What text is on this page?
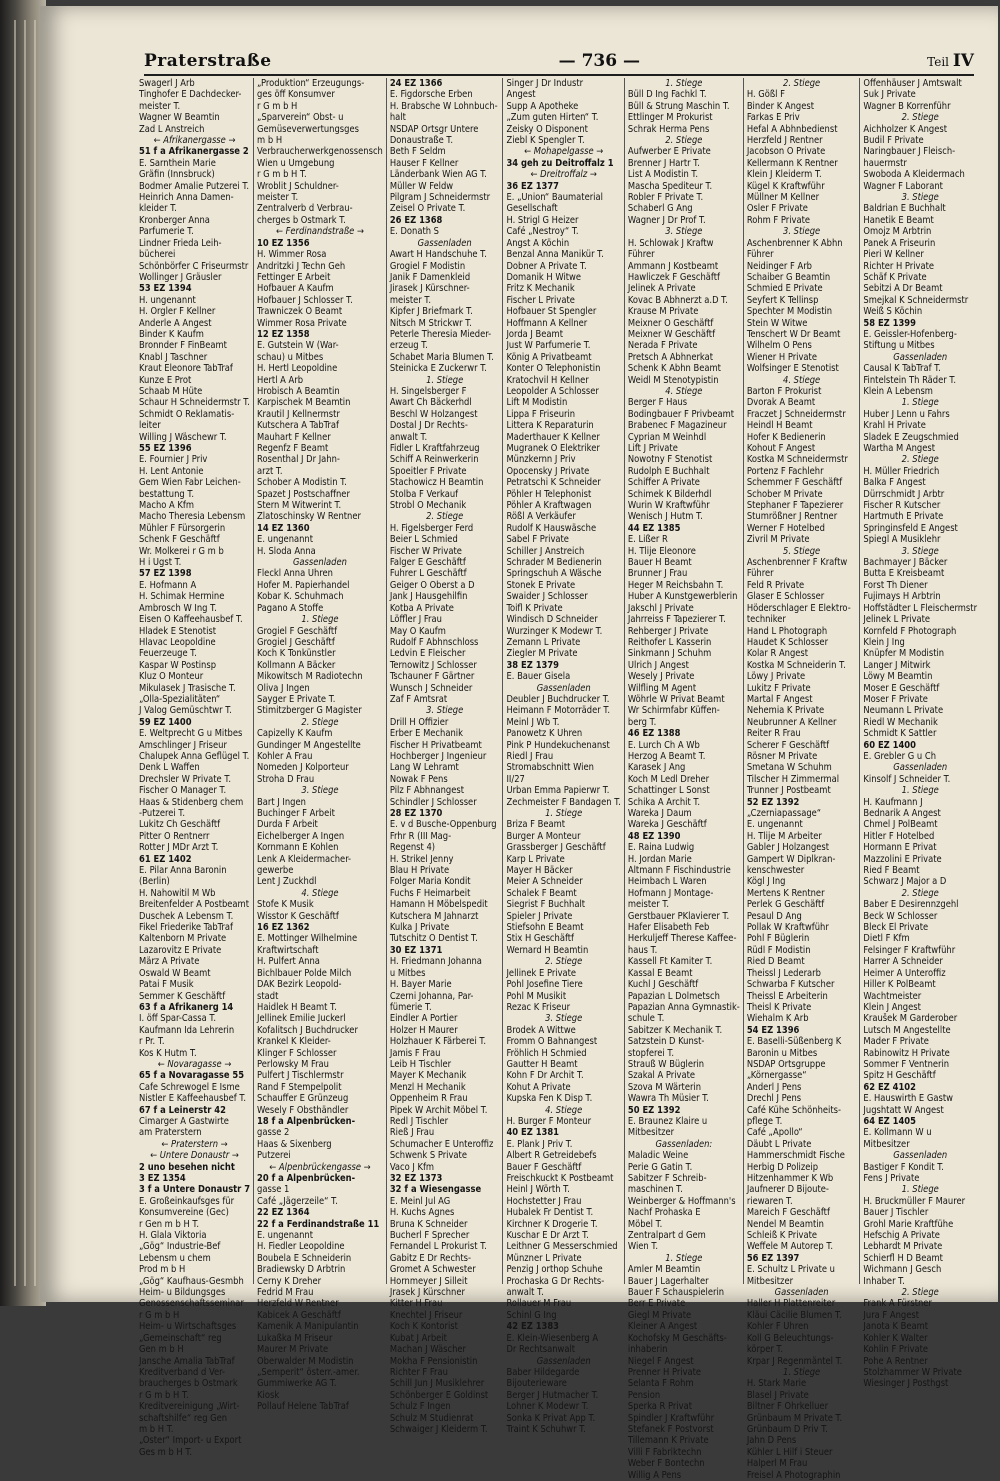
Praterstraße	— 736 —	Teil IV
Swagerl J Arb
Tinghofer E Dachdecker-
meister T.
Wagner W Beamtin
Zad L Anstreich
← Afrikanergasse →
51 f a Afrikanergasse 2
E. Sarnthein Marie
Gräfin (Innsbruck)
Bodmer Amalie Putzerei T.
Heinrich Anna Damen-
kleider T.
Kronberger Anna
Parfumerie T.
Lindner Frieda Leih-
bücherei
Schönbörfer C Friseurmstr
Wollinger J Gräusler
53 EZ 1394
H. ungenannt
H. Orgler F Kellner
Anderle A Angest
Binder K Kaufm
Bronnder F FinBeamt
Knabl J Taschner
Kraut Eleonore TabTraf
Kunze E Prot
Schaab M Hüte
Schaur H Schneidermstr T.
Schmidt O Reklamatis-
leiter
Willing J Wäschewr T.
55 EZ 1396
E. Fournier J Priv
H. Lent Antonie
Gem Wien Fabr Leichen-
bestattung T.
Macho A Kfm
Macho Theresia Lebensm
Mühler F Fürsorgerin
Schenk F Geschäftf
Wr. Molkerei r G m b
H i Ugst T.
57 EZ 1398
E. Hofmann A
H. Schimak Hermine
Ambrosch W Ing T.
Eisen O Kaffeehausbef T.
Hladek E Stenotist
Hlavac Leopoldine
Feuerzeuge T.
Kaspar W Postinsp
Kluz O Monteur
Mikulasek J Trasische T.
„Olla-Spezialitäten“
J Valog Gemüschtwr T.
59 EZ 1400
E. Weltprecht G u Mitbes
Amschlinger J Friseur
Chalupek Anna Geflügel T.
Denk L Waffen
Drechsler W Private T.
Fischer O Manager T.
Haas & Stidenberg chem
-Putzerei T.
Lukitz Ch Geschäftf
Pitter O Rentnerr
Rotter J MDr Arzt T.
61 EZ 1402
E. Pilar Anna Baronin
(Berlin)
H. Nahowitil M Wb
Breitenfelder A Postbeamt
Duschek A Lebensm T.
Fikel Friederike TabTraf
Kaltenborn M Private
Lazarovitz E Private
März A Private
Oswald W Beamt
Patai F Musik
Semmer K Geschäftf
63 f a Afrikanerg 14
I. öff Spar-Cassa T.
Kaufmann Ida Lehrerin
r Pr. T.
Kos K Hutm T.
← Novaragasse →
65 f a Novaragasse 55
Cafe Schrewogel E Isme
Nistler E Kaffeehausbef T.
67 f a Leinerstr 42
Cimarger A Gastwirte
am Praterstern
← Praterstern →
← Untere Donaustr →
2 uno besehen nicht
3 EZ 1354
3 f a Untere Donaustr 7
E. Großeinkaufsges für
Konsumvereine (Gec)
r Gen m b H T.
H. Glala Viktoria
„Gög“ Industrie-Bef
Lebensm u chem
Prod m b H
„Gög“ Kaufhaus-Gesmbh
Heim- u Bildungsges
Genossenschaftsseminar
r G m b H
Heim- u Wirtschaftsges
„Gemeinschaft“ reg
Gen m b H
Jansche Amalia TabTraf
Kreditverband d Ver-
braucherges b Ostmark
r G m b H T.
Kreditvereinigung „Wirt-
schaftshilfe“ reg Gen
m b H T.
„Oster“ Import- u Export
Ges m b H T.
„Produktion“ Erzeugungs-
ges öff Konsumver
r G m b H
„Sparverein“ Obst- u
Gemüseverwertungsges
m b H
Verbraucherwerkgenossensch
Wien u Umgebung
r G m b H T.
Wroblit J Schuldner-
meister T.
Zentralverb d Verbrau-
cherges b Ostmark T.
← Ferdinandstraße →
10 EZ 1356
H. Wimmer Rosa
Andritzki J Techn Geh
Fettinger E Arbeit
Hofbauer A Kaufm
Hofbauer J Schlosser T.
Trawniczek O Beamt
Wimmer Rosa Private
12 EZ 1358
E. Gutstein W (War-
schau) u Mitbes
H. Hertl Leopoldine
Hertl A Arb
Hrobisch A Beamtin
Karpischek M Beamtin
Krautil J Kellnermstr
Kutschera A TabTraf
Mauhart F Kellner
Regenfz F Beamt
Rosenthal J Dr Jahn-
arzt T.
Schober A Modistin T.
Spazet J Postschaffner
Stern M Witwerint T.
Zlatoschinsky W Rentner
14 EZ 1360
E. ungenannt
H. Sloda Anna
Gassenladen
Fleckl Anna Uhren
Hofer M. Papierhandel
Kobar K. Schuhmach
Pagano A Stoffe
1. Stiege
Grogiel F Geschäftf
Grogiel J Geschäftf
Koch K Tonkünstler
Kollmann A Bäcker
Mikowitsch M Radiotechn
Oliva J Ingen
Sayger E Private T.
Stimitzberger G Magister
2. Stiege
Capizelly K Kaufm
Gundinger M Angestellte
Kohler A Frau
Nomeden J Kolporteur
Stroha D Frau
3. Stiege
Bart J Ingen
Buchinger F Arbeit
Durda F Arbeit
Eichelberger A Ingen
Kornmann E Kohlen
Lenk A Kleidermacher-
gewerbe
Lent J Zuckhdl
4. Stiege
Stofe K Musik
Wisstor K Geschäftf
16 EZ 1362
E. Mottinger Wilhelmine
Kraftwirtschaft
H. Pulfert Anna
Bichlbauer Polde Milch
DAK Bezirk Leopold-
stadt
Haidlek H Beamt T.
Jellinek Emilie Juckerl
Kofalitsch J Buchdrucker
Krankel K Kleider-
Klinger F Schlosser
Perlowsky M Frau
Pulfert J Tischlermstr
Rand F Stempelpolit
Schauffer E Grünzeug
Wesely F Obsthändler
18 f a Alpenbrücken-
gasse 2
Haas & Sixenberg
Putzerei
← Alpenbrückengasse →
20 f a Alpenbrücken-
gasse 1
Café „Jägerzeile“ T.
22 EZ 1364
22 f a Ferdinandstraße 11
E. ungenannt
H. Fiedler Leopoldine
Boubela E Schneiderin
Bradiewsky D Arbtrin
Cerny K Dreher
Fedrid M Frau
Herzfeld W Rentner
Kabicek A Geschäftf
Kamenik A Manipulantin
Lukaßka M Friseur
Maurer M Private
Oberwalder M Modistin
„Semperit“ österr.-amer.
Gummiwerke AG T.
Kiosk
Pollauf Helene TabTraf
24 EZ 1366
E. Figdorsche Erben
H. Brabsche W Lohnbuch-
halt
NSDAP Ortsgr Untere
Donaustraße T.
Beth F Seldm
Hauser F Kellner
Länderbank Wien AG T.
Müller W Feldw
Pilgram J Schneidermstr
Zeisel O Private T.
26 EZ 1368
E. Donath S
Gassenladen
Awart H Handschuhe T.
Grogiel F Modistin
Janik F Damenkleid
Jirasek J Kürschner-
meister T.
Kipfer J Briefmark T.
Nitsch M Strickwr T.
Peterle Theresia Mieder-
erzeug T.
Schabet Maria Blumen T.
Steinicka E Zuckerwr T.
1. Stiege
H. Singelsberger F
Awart Ch Bäckerhdl
Beschl W Holzangest
Dostal J Dr Rechts-
anwalt T.
Fidler L Kraftfahrzeug
Schiff A Reinwerkerin
Spoeitler F Private
Stachowicz H Beamtin
Stolba F Verkauf
Strobl O Mechanik
2. Stiege
H. Figelsberger Ferd
Beier L Schmied
Fischer W Private
Falger E Geschäftf
Fuhrer L Geschäftf
Geiger O Oberst a D
Jank J Hausgehilfin
Kotba A Private
Löffler J Frau
May O Kaufm
Rudolf F Abhnschloss
Ledvin E Fleischer
Ternowitz J Schlosser
Tschauner F Gärtner
Wunsch J Schneider
Zaf F Amtsrat
3. Stiege
Drill H Offizier
Erber E Mechanik
Fischer H Privatbeamt
Hochberger J Ingenieur
Lang W Lehramt
Nowak F Pens
Pilz F Abhnangest
Schindler J Schlosser
28 EZ 1370
E. v d Busche-Oppenburg
Frhr R (III Mag-
Regenst 4)
H. Strikel Jenny
Blau H Private
Folger Maria Kondit
Fuchs F Heimarbeit
Hamann H Möbelspedit
Kutschera M Jahnarzt
Kulka J Private
Tutschitz O Dentist T.
30 EZ 1371
H. Friedmann Johanna
u Mitbes
H. Bayer Marie
Czerni Johanna, Par-
fümerie T.
Eindler A Portier
Holzer H Maurer
Holzhauer K Färberei T.
Jamis F Frau
Leib H Tischler
Mayer K Mechanik
Menzl H Mechanik
Oppenheim R Frau
Pipek W Archit Möbel T.
Redl J Tischler
Rieß J Frau
Schumacher E Unteroffiz
Schwenk S Private
Vaco J Kfm
32 EZ 1373
32 f a Wiesengasse
E. Meinl Jul AG
H. Kuchs Agnes
Bruna K Schneider
Bucherl F Sprecher
Fernandel L Prokurist T.
Gabitz E Dr Rechts-
Gromet A Schwester
Hornmeyer J Silleit
Jrasek J Kürschner
Kitter H Frau
Knechtel J Friseur
Koch K Kontorist
Kubat J Arbeit
Machan J Wäscher
Mokha F Pensionistin
Richter F Frau
Schill Jun J Musiklehrer
Schönberger E Goldinst
Schulz F Ingen
Schulz M Studienrat
Schwaiger J Kleiderm T.
Singer J Dr Industr
Angest
Supp A Apotheke
„Zum guten Hirten“ T.
Zeisky O Disponent
Ziebl K Spengler T.
← Mohapelgasse →
34 geh zu Deitroffalz 1
← Dreitroffalz →
36 EZ 1377
E. „Union“ Baumaterial
Gesellschaft
H. Strigl G Heizer
Café „Nestroy“ T.
Angst A Köchin
Benzal Anna Manikür T.
Dobner A Private T.
Domanik H Witwe
Fritz K Mechanik
Fischer L Private
Hofbauer St Spengler
Hoffmann A Kellner
Jorda J Beamt
Just W Parfumerie T.
König A Privatbeamt
Konter O Telephonistin
Kratochvil H Kellner
Leopolder A Schlosser
Lift M Modistin
Lippa F Friseurin
Littera K Reparaturin
Maderthauer K Kellner
Mugranek O Elektriker
Münzkernn J Priv
Opocensky J Private
Petratschi K Schneider
Pöhler H Telephonist
Pöhler A Kraftwagen
Rößl A Verkäufer
Rudolf K Hauswäsche
Sabel F Private
Schiller J Anstreich
Schrader M Bedienerin
Springschuh A Wäsche
Stonek E Private
Swaider J Schlosser
Toifl K Private
Windisch D Schneider
Wurzinger K Modewr T.
Zemann L Private
Ziegler M Private
38 EZ 1379
E. Bauer Gisela
Gassenladen
Deubler J Buchdrucker T.
Heimann F Motorräder T.
Meinl J Wb T.
Panowetz K Uhren
Pink P Hundekuchenanst
Riedl J Frau
Stromabschnitt Wien
II/27
Urban Emma Papierwr T.
Zechmeister F Bandagen T.
1. Stiege
Briza F Beamt
Burger A Monteur
Grassberger J Geschäftf
Karp L Private
Mayer H Bäcker
Meier A Schneider
Schalek F Beamt
Siegrist F Buchhalt
Spieler J Private
Stiefsohn E Beamt
Stix H Geschäftf
Wernard H Beamtin
2. Stiege
Jellinek E Private
Pohl Josefine Tiere
Pohl M Musikit
Rezac K Friseur
3. Stiege
Brodek A Wittwe
Fromm O Bahnangest
Fröhlich H Schmied
Gautter H Beamt
Kohn F Dr Archit T.
Kohut A Private
Kupska Fen K Disp T.
4. Stiege
H. Burger F Monteur
40 EZ 1381
E. Plank J Priv T.
Albert R Getreidebefs
Bauer F Geschäftf
Freischkuckt K Postbeamt
Heinl J Wörth T.
Hochstetter J Frau
Hubalek Fr Dentist T.
Kirchner K Drogerie T.
Kuschar E Dr Arzt T.
Leithner G Messerschmied
Münzner L Private
Penzig J orthop Schuhe
Prochaska G Dr Rechts-
anwalt T.
Rollauer M Frau
Schinl G Ing
42 EZ 1383
E. Klein-Wiesenberg A
Dr Rechtsanwalt
Gassenladen
Baber Hildegarde
Bijouterieware
Berger J Hutmacher T.
Lohner K Modewr T.
Sonka K Privat App T.
Traint K Schuhwr T.
1. Stiege
Büll D Ing Fachkl T.
Büll & Strung Maschin T.
Ettlinger M Prokurist
Schrak Herma Pens
2. Stiege
Aufwerber E Private
Brenner J Hartr T.
List A Modistin T.
Mascha Spediteur T.
Robler F Private T.
Schaberl G Ang
Wagner J Dr Prof T.
3. Stiege
H. Schlowak J Kraftw
Führer
Ammann J Kostbeamt
Hawliczek F Geschäftf
Jelinek A Private
Kovac B Abhnerzt a.D T.
Krause M Private
Meixner O Geschäftf
Meixner W Geschäftf
Nerada F Private
Pretsch A Abhnerkat
Schenk K Abhn Beamt
Weidl M Stenotypistin
4. Stiege
Berger F Haus
Bodingbauer F Privbeamt
Brabenec F Magazineur
Cyprian M Weinhdl
Lift J Private
Nowotny F Stenotist
Rudolph E Buchhalt
Schiffer A Private
Schimek K Bilderhdl
Wurin W Kraftwführ
Wenisch J Hutm T.
44 EZ 1385
E. Lißer R
H. Tlije Eleonore
Bauer H Beamt
Brunner J Frau
Heger M Reichsbahn T.
Huber A Kunstgewerblerin
Jakschl J Private
Jahrreiss F Tapezierer T.
Rehberger J Private
Reithofer L Kasserin
Sinkmann J Schuhm
Ulrich J Angest
Wesely J Private
Wilfling M Agent
Wöhrle W Privat Beamt
Wr Schirmfabr Küffen-
berg T.
46 EZ 1388
E. Lurch Ch A Wb
Herzog A Beamt T.
Karasek J Ang
Koch M Ledl Dreher
Schattinger L Sonst
Schika A Archit T.
Wareka J Daum
Wareka J Geschäftf
48 EZ 1390
E. Raina Ludwig
H. Jordan Marie
Altmann F Fischindustrie
Heimbach L Waren
Hofmann J Montage-
meister T.
Gerstbauer PKlavierer T.
Hafer Elisabeth Feb
Herkuljeff Therese Kaffee-
haus T.
Kassell Ft Kamiter T.
Kassal E Beamt
Kuchl J Geschäftf
Papazian L Dolmetsch
Papazian Anna Gymnastik-
schule T.
Sabitzer K Mechanik T.
Satzstein D Kunst-
stopferei T.
Strauß W Büglerin
Szakal A Private
Szova M Wärterin
Wawra Th Müsier T.
50 EZ 1392
E. Braunez Klaire u
Mitbesitzer
Gassenladen:
Maladic Weine
Perie G Gatin T.
Sabitzer F Schreib-
maschinen T.
Weinberger & Hoffmann's
Nachf Prohaska E
Möbel T.
Zentralpart d Gem
Wien T.
1. Stiege
Amler M Beamtin
Bauer J Lagerhalter
Bauer F Schauspielerin
Berr E Private
Giegl M Private
Kleiner A Angest
Kochofsky M Geschäfts-
inhaberin
Niegel F Angest
Prenner H Private
Selanta F Rohm
Pension
Sperka R Privat
Spindler J Kraftwführ
Stefanek F Postvorst
Tillemann K Private
Villi F Fabriktechn
Weber F Bontechn
Willig A Pens
2. Stiege
H. Gößl F
Binder K Angest
Farkas E Priv
Hefal A Abhnbedienst
Herzfeld J Rentner
Jacobson O Private
Kellermann K Rentner
Klein J Kleiderm T.
Kügel K Kraftwführ
Müllner M Kellner
Osler F Private
Rohm F Private
3. Stiege
Aschenbrenner K Abhn
Führer
Neidinger F Arb
Schaiber G Beamtin
Schmied E Private
Seyfert K Tellinsp
Spechter M Modistin
Stein W Witwe
Tenschert W Dr Beamt
Wilhelm O Pens
Wiener H Private
Wolfsinger E Stenotist
4. Stiege
Barton F Prokurist
Dvorak A Beamt
Fraczet J Schneidermstr
Heindl H Beamt
Hofer K Bedienerin
Kohout F Angest
Kostka M Schneidermstr
Portenz F Fachlehr
Schemmer F Geschäftf
Schober M Private
Stephaner F Tapezierer
Stumrößner J Rentner
Werner F Hotelbed
Zivril M Private
5. Stiege
Aschenbrenner F Kraftw
Führer
Feld R Private
Glaser E Schlosser
Höderschlager E Elektro-
techniker
Hand L Photograph
Haudet K Schlosser
Kolar R Angest
Kostka M Schneiderin T.
Löwy J Private
Lukitz F Private
Martal F Angest
Nehemia K Private
Neubrunner A Kellner
Reiter R Frau
Scherer F Geschäftf
Rösner M Private
Smetana W Schuhm
Tilscher H Zimmermal
Trunner J Postbeamt
52 EZ 1392
„Czerniapassage“
E. ungenannt
H. Tlije M Arbeiter
Gabler J Holzangest
Gampert W Diplkran-
kenschwester
Kögl J Ing
Mertens K Rentner
Perlek G Geschäftf
Pesaul D Ang
Pollak W Kraftwführ
Pohl F Büglerin
Rüdl F Modistin
Ried D Beamt
Theissl J Lederarb
Schwarba F Kutscher
Theissl E Arbeiterin
Theisl K Private
Wiehalm K Arb
54 EZ 1396
E. Baselli-Süßenberg K
Baronin u Mitbes
NSDAP Ortsgruppe
„Körnergasse“
Anderl J Pens
Drechl J Pens
Café Kühe Schönheits-
pflege T.
Café „Apollo“
Däubt L Private
Hammerschmidt Fische
Herbig D Polizeip
Hitzenhammer K Wb
Jaufnerer D Bijoute-
riewaren T.
Mareich F Geschäftf
Nendel M Beamtin
Schleiß K Private
Weffele M Autorep T.
56 EZ 1397
E. Schultz L Private u
Mitbesitzer
Gassenladen
Haller H Plattenreiter
Kläui Cäcilie Blumen T.
Kohler F Uhren
Koll G Beleuchtungs-
körper T.
Krpar J Regenmäntel T.
1. Stiege
H. Stark Marie
Blasel J Private
Biltner F Ohrkelluer
Grünbaum M Private T.
Grünbaum D Priv T.
Jahn D Pens
Kühler L Hilf i Steuer
Halperl M Frau
Freisel A Photographin
Offenhäuser J Amtswalt
Suk J Private
Wagner B Korrenführ
2. Stiege
Aichholzer K Angest
Budil F Private
Naringbauer J Fleisch-
hauermstr
Swoboda A Kleidermach
Wagner F Laborant
3. Stiege
Baldrian E Buchhalt
Hanetik E Beamt
Omojz M Arbtrin
Panek A Friseurin
Pieri W Kellner
Richter H Private
Schäf K Private
Sebitzi A Dr Beamt
Smejkal K Schneidermstr
Weiß S Köchin
58 EZ 1399
E. Geissler-Hofenberg-
Stiftung u Mitbes
Gassenladen
Causal K TabTraf T.
Fintelstein Th Räder T.
Klein A Lebensm
1. Stiege
Huber J Lenn u Fahrs
Krahl H Private
Sladek E Zeugschmied
Wartha M Angest
2. Stiege
H. Müller Friedrich
Balka F Angest
Dürrschmidt J Arbtr
Fischer R Kutscher
Hartmuth E Private
Springinsfeld E Angest
Spiegl A Musiklehr
3. Stiege
Bachmayer J Bäcker
Butta E Kreisbeamt
Forst Th Diener
Fujimays H Arbtrin
Hoffstädter L Fleischermstr
Jelinek L Private
Kornfeld F Photograph
Klein J Ing
Knüpfer M Modistin
Langer J Mitwirk
Löwy M Beamtin
Moser E Geschäftf
Moser F Private
Neumann L Private
Riedl W Mechanik
Schmidt K Sattler
60 EZ 1400
E. Grebler G u Ch
Gassenladen
Kinsolf J Schneider T.
1. Stiege
H. Kaufmann J
Bednarik A Angest
Chmel J PolBeamt
Hitler F Hotelbed
Hormann E Privat
Mazzolini E Private
Ried F Beamt
Schwarz J Major a D
2. Stiege
Baber E Desirennzgehl
Beck W Schlosser
Bleck El Private
Dietl F Kfm
Felsinger F Kraftwführ
Harrer A Schneider
Heimer A Unteroffiz
Hiller K PolBeamt
Wachtmeister
Klein J Angest
Kraušek M Garderober
Lutsch M Angestellte
Mader F Private
Rabinowitz H Private
Sommer F Ventnerin
Spitz H Geschäftf
62 EZ 4102
E. Hauswirth E Gastw
Jugshtatt W Angest
64 EZ 1405
E. Kollmann W u
Mitbesitzer
Gassenladen
Bastiger F Kondit T.
Fens J Private
1. Stiege
H. Bruckmüller F Maurer
Bauer J Tischler
Grohl Marie Kraftfühe
Hefschig A Private
Lebhardt M Private
Schierfl H D Beamt
Wichmann J Gesch
Inhaber T.
2. Stiege
Frank A Fürstner
Jura F Angest
Janota K Beamt
Kohler K Walter
Kohlin F Private
Pohe A Rentner
Stolzhammer W Private
Wiesinger J Posthgst
